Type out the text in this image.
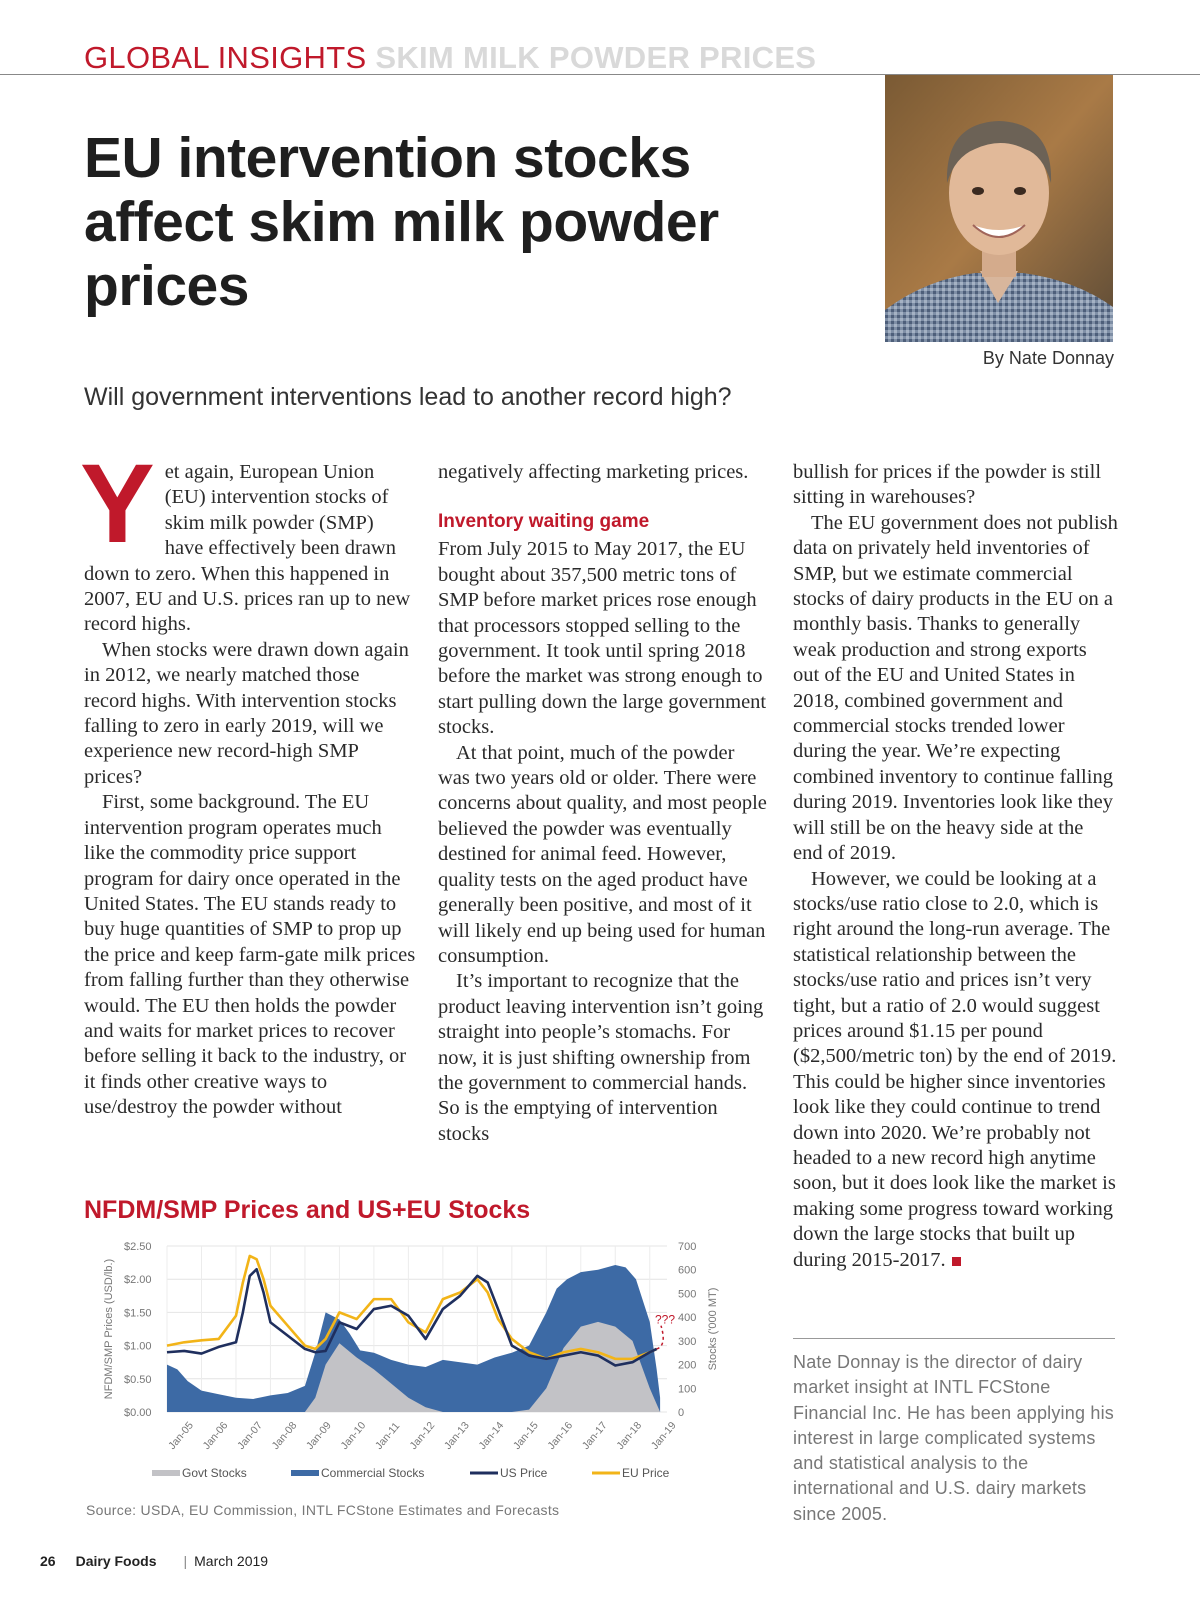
GLOBAL INSIGHTS SKIM MILK POWDER PRICES
EU intervention stocks affect skim milk powder prices
By Nate Donnay
Will government interventions lead to another record high?

Yet again, European Union (EU) intervention stocks of skim milk powder (SMP) have effectively been drawn down to zero. When this happened in 2007, EU and U.S. prices ran up to new record highs.

When stocks were drawn down again in 2012, we nearly matched those record highs. With intervention stocks falling to zero in early 2019, will we experience new record-high SMP prices?

First, some background. The EU intervention program operates much like the commodity price support program for dairy once operated in the United States. The EU stands ready to buy huge quantities of SMP to prop up the price and keep farm-gate milk prices from falling further than they otherwise would. The EU then holds the powder and waits for market prices to recover before selling it back to the industry, or it finds other creative ways to use/destroy the powder without

negatively affecting marketing prices.

Inventory waiting game

From July 2015 to May 2017, the EU bought about 357,500 metric tons of SMP before market prices rose enough that processors stopped selling to the government. It took until spring 2018 before the market was strong enough to start pulling down the large government stocks.

At that point, much of the powder was two years old or older. There were concerns about quality, and most people believed the powder was eventually destined for animal feed. However, quality tests on the aged product have generally been positive, and most of it will likely end up being used for human consumption.

It’s important to recognize that the product leaving intervention isn’t going straight into people’s stomachs. For now, it is just shifting ownership from the government to commercial hands. So is the emptying of intervention stocks

bullish for prices if the powder is still sitting in warehouses?

The EU government does not publish data on privately held inventories of SMP, but we estimate commercial stocks of dairy products in the EU on a monthly basis. Thanks to generally weak production and strong exports out of the EU and United States in 2018, combined government and commercial stocks trended lower during the year. We’re expecting combined inventory to continue falling during 2019. Inventories look like they will still be on the heavy side at the end of 2019.

However, we could be looking at a stocks/use ratio close to 2.0, which is right around the long-run average. The statistical relationship between the stocks/use ratio and prices isn’t very tight, but a ratio of 2.0 would suggest prices around $1.15 per pound ($2,500/metric ton) by the end of 2019. This could be higher since inventories look like they could continue to trend down into 2020. We’re probably not headed to a new record high anytime soon, but it does look like the market is making some progress toward working down the large stocks that built up during 2015-2017.

Nate Donnay is the director of dairy market insight at INTL FCStone Financial Inc. He has been applying his interest in large complicated systems and statistical analysis to the international and U.S. dairy markets since 2005.
NFDM/SMP Prices and US+EU Stocks
???
$2.50
$2.00
$1.50
$1.00
$0.50
$0.00
700
600
500
400
300
200
100
0
NFDM/SMP Prices (USD/lb.)	Stocks ('000 MT)
Jan-05 Jan-06 Jan-07 Jan-08 Jan-09 Jan-10 Jan-11 Jan-12 Jan-13 Jan-14 Jan-15 Jan-16 Jan-17 Jan-18 Jan-19
Govt Stocks	Commercial Stocks	US Price	EU Price
Source: USDA, EU Commission, INTL FCStone Estimates and Forecasts
26 Dairy Foods | March 2019
